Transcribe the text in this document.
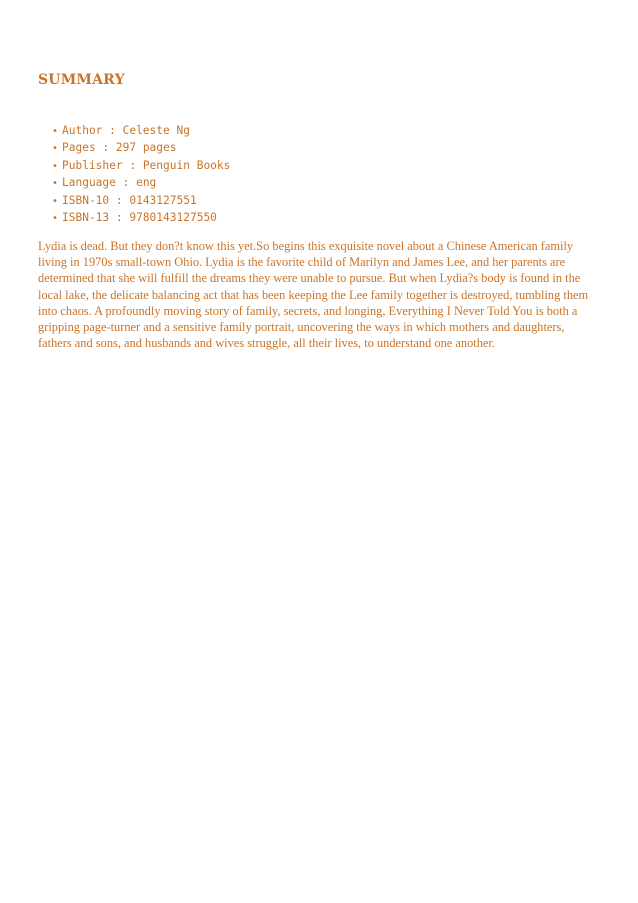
SUMMARY
• Author : Celeste Ng
• Pages : 297 pages
• Publisher : Penguin Books
• Language : eng
• ISBN-10 : 0143127551
• ISBN-13 : 9780143127550

Lydia is dead. But they don?t know this yet.So begins this exquisite novel about a Chinese American family living in 1970s small-town Ohio. Lydia is the favorite child of Marilyn and James Lee, and her parents are determined that she will fulfill the dreams they were unable to pursue. But when Lydia?s body is found in the local lake, the delicate balancing act that has been keeping the Lee family together is destroyed, tumbling them into chaos. A profoundly moving story of family, secrets, and longing, Everything I Never Told You is both a gripping page-turner and a sensitive family portrait, uncovering the ways in which mothers and daughters, fathers and sons, and husbands and wives struggle, all their lives, to understand one another.
